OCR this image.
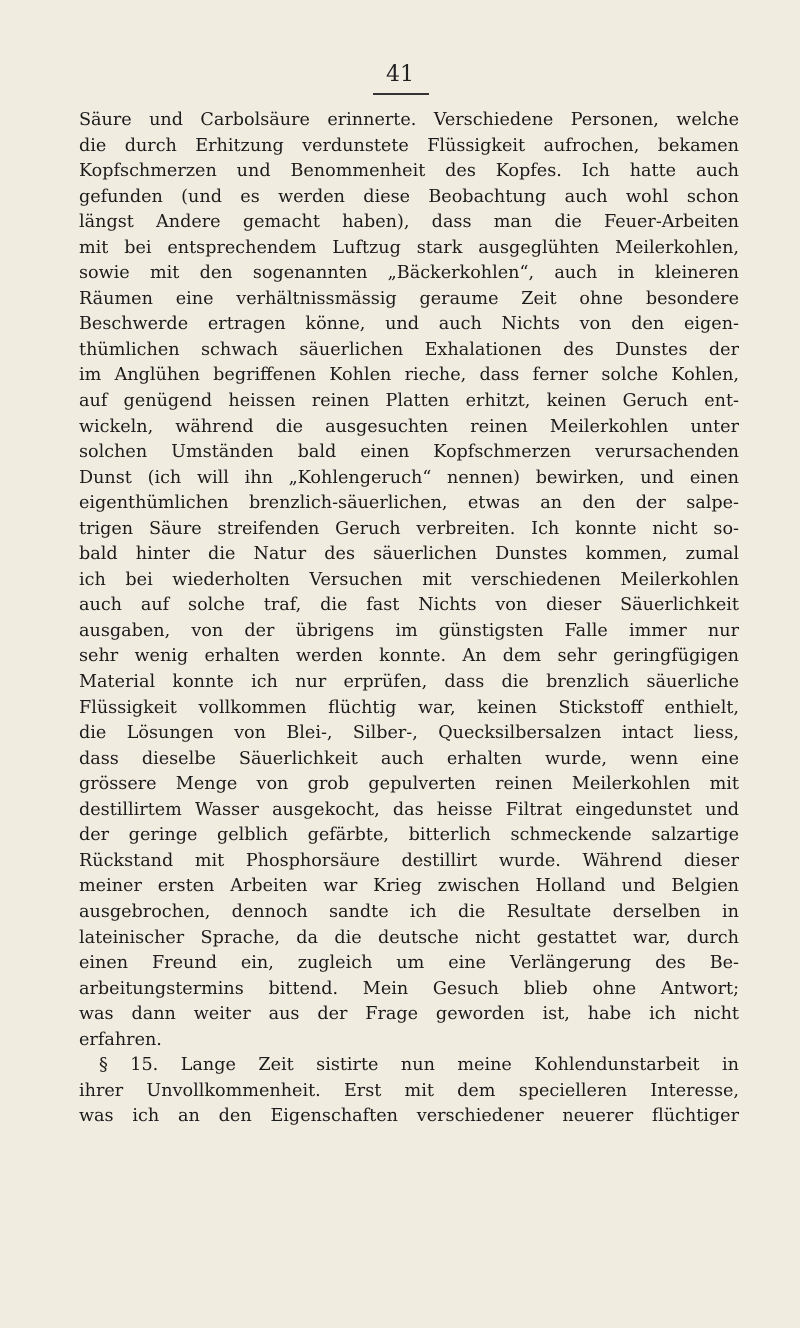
41
Säure und Carbolsäure erinnerte. Verschiedene Personen, welche
die durch Erhitzung verdunstete Flüssigkeit aufrochen, bekamen
Kopfschmerzen und Benommenheit des Kopfes. Ich hatte auch
gefunden (und es werden diese Beobachtung auch wohl schon
längst Andere gemacht haben), dass man die Feuer-Arbeiten
mit bei entsprechendem Luftzug stark ausgeglühten Meilerkohlen,
sowie mit den sogenannten „Bäckerkohlen“, auch in kleineren
Räumen eine verhältnissmässig geraume Zeit ohne besondere
Beschwerde ertragen könne, und auch Nichts von den eigen-
thümlichen schwach säuerlichen Exhalationen des Dunstes der
im Anglühen begriffenen Kohlen rieche, dass ferner solche Kohlen,
auf genügend heissen reinen Platten erhitzt, keinen Geruch ent-
wickeln, während die ausgesuchten reinen Meilerkohlen unter
solchen Umständen bald einen Kopfschmerzen verursachenden
Dunst (ich will ihn „Kohlengeruch“ nennen) bewirken, und einen
eigenthümlichen brenzlich-säuerlichen, etwas an den der salpe-
trigen Säure streifenden Geruch verbreiten. Ich konnte nicht so-
bald hinter die Natur des säuerlichen Dunstes kommen, zumal
ich bei wiederholten Versuchen mit verschiedenen Meilerkohlen
auch auf solche traf, die fast Nichts von dieser Säuerlichkeit
ausgaben, von der übrigens im günstigsten Falle immer nur
sehr wenig erhalten werden konnte. An dem sehr geringfügigen
Material konnte ich nur erprüfen, dass die brenzlich säuerliche
Flüssigkeit vollkommen flüchtig war, keinen Stickstoff enthielt,
die Lösungen von Blei-, Silber-, Quecksilbersalzen intact liess,
dass dieselbe Säuerlichkeit auch erhalten wurde, wenn eine
grössere Menge von grob gepulverten reinen Meilerkohlen mit
destillirtem Wasser ausgekocht, das heisse Filtrat eingedunstet und
der geringe gelblich gefärbte, bitterlich schmeckende salzartige
Rückstand mit Phosphorsäure destillirt wurde. Während dieser
meiner ersten Arbeiten war Krieg zwischen Holland und Belgien
ausgebrochen, dennoch sandte ich die Resultate derselben in
lateinischer Sprache, da die deutsche nicht gestattet war, durch
einen Freund ein, zugleich um eine Verlängerung des Be-
arbeitungstermins bittend. Mein Gesuch blieb ohne Antwort;
was dann weiter aus der Frage geworden ist, habe ich nicht
erfahren.
§ 15. Lange Zeit sistirte nun meine Kohlendunstarbeit in
ihrer Unvollkommenheit. Erst mit dem specielleren Interesse,
was ich an den Eigenschaften verschiedener neuerer flüchtiger
